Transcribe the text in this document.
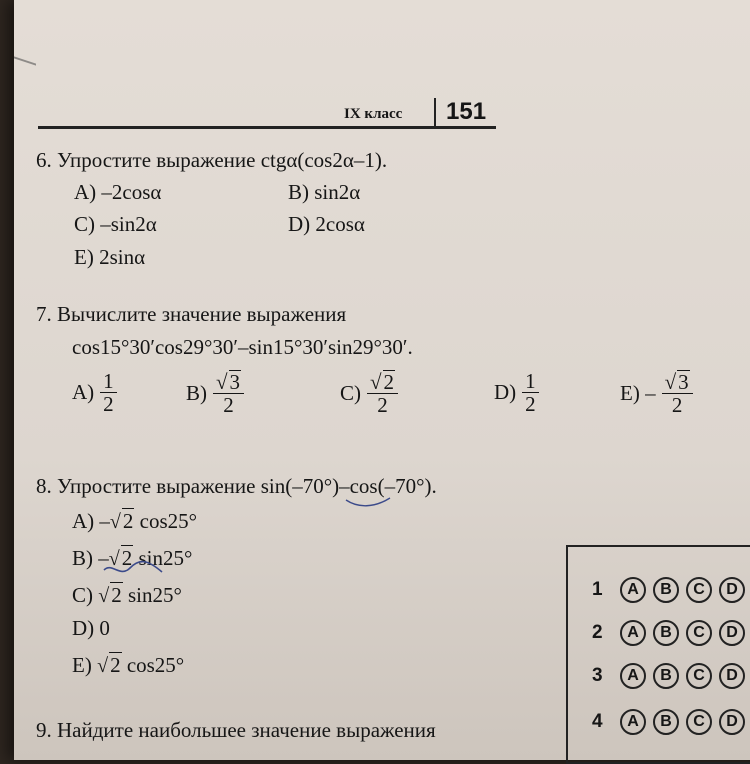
IX класс 151
6. Упростите выражение ctgα(cos2α–1).
A) –2cosα	B) sin2α
C) –sin2α	D) 2cosα
E) 2sinα
7. Вычислите значение выражения
cos15°30′cos29°30′–sin15°30′sin29°30′.
$A) \frac{1}{2}$	$B) \frac{√3}{2}$	$C) \frac{√2}{2}$	$D) \frac{1}{2}$	$E) - \frac{√3}{2}$
8. Упростите выражение sin(–70°)–cos(–70°).
A) –√2 cos25°
B) –√2 sin25°
C) √2 sin25°
D) 0
E) √2 cos25°
9. Найдите наибольшее значение выражения
1	A	B	C	D
2	A	B	C	D
3	A	B	C	D
4	A	B	C	D
